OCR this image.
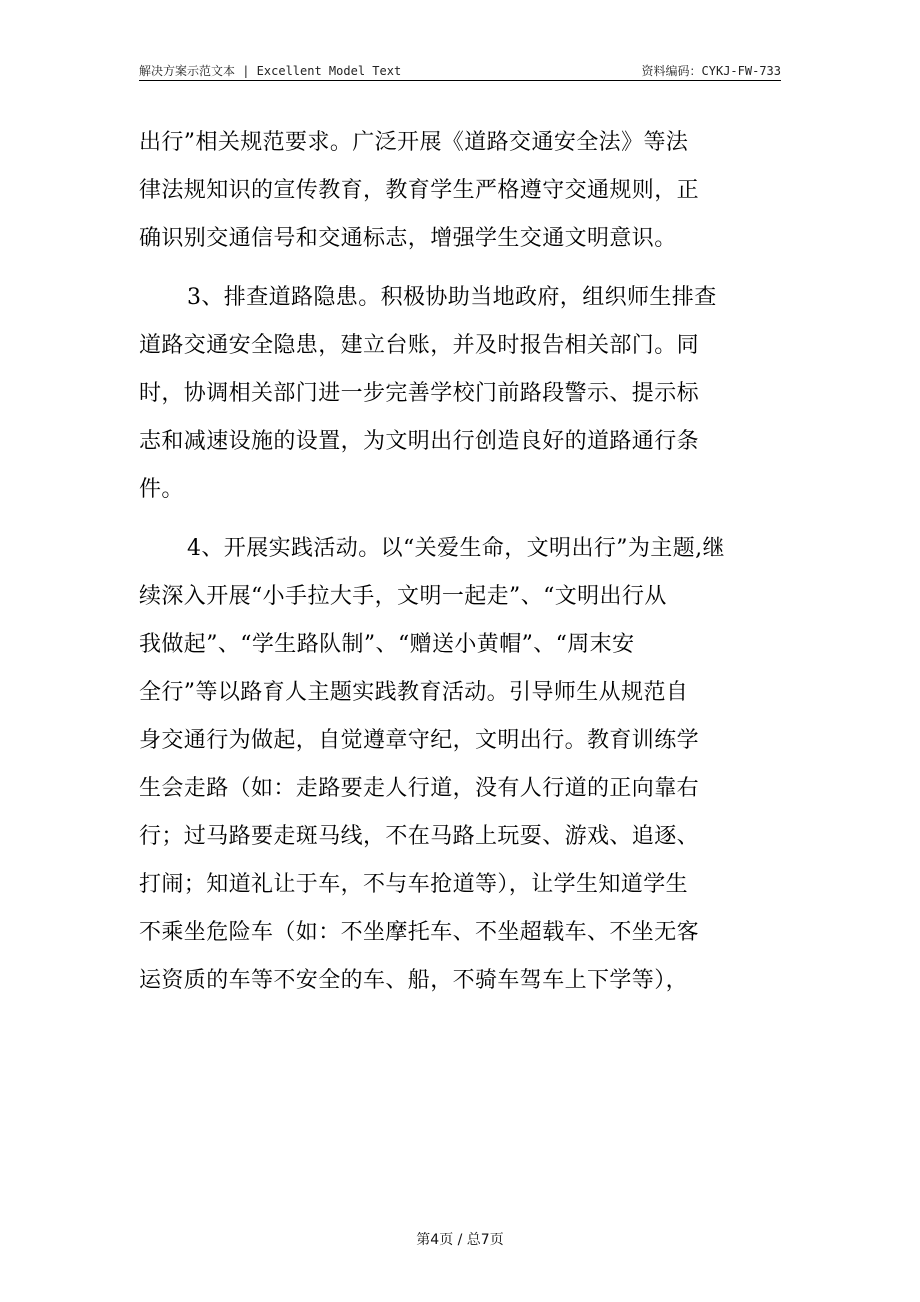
解决方案示范文本 | Excellent Model Text	资料编码：CYKJ-FW-733
出行”相关规范要求。广泛开展《道路交通安全法》等法
律法规知识的宣传教育，教育学生严格遵守交通规则，正
确识别交通信号和交通标志，增强学生交通文明意识。
3、排查道路隐患。积极协助当地政府，组织师生排查
道路交通安全隐患，建立台账，并及时报告相关部门。同
时，协调相关部门进一步完善学校门前路段警示、提示标
志和减速设施的设置，为文明出行创造良好的道路通行条
件。
4、开展实践活动。以“关爱生命，文明出行”为主题,继
续深入开展“小手拉大手，文明一起走”、“文明出行从
我做起”、“学生路队制”、“赠送小黄帽”、“周末安
全行”等以路育人主题实践教育活动。引导师生从规范自
身交通行为做起，自觉遵章守纪，文明出行。教育训练学
生会走路（如：走路要走人行道，没有人行道的正向靠右
行；过马路要走斑马线，不在马路上玩耍、游戏、追逐、
打闹；知道礼让于车，不与车抢道等），让学生知道学生
不乘坐危险车（如：不坐摩托车、不坐超载车、不坐无客
运资质的车等不安全的车、船，不骑车驾车上下学等），
第4页 / 总7页
